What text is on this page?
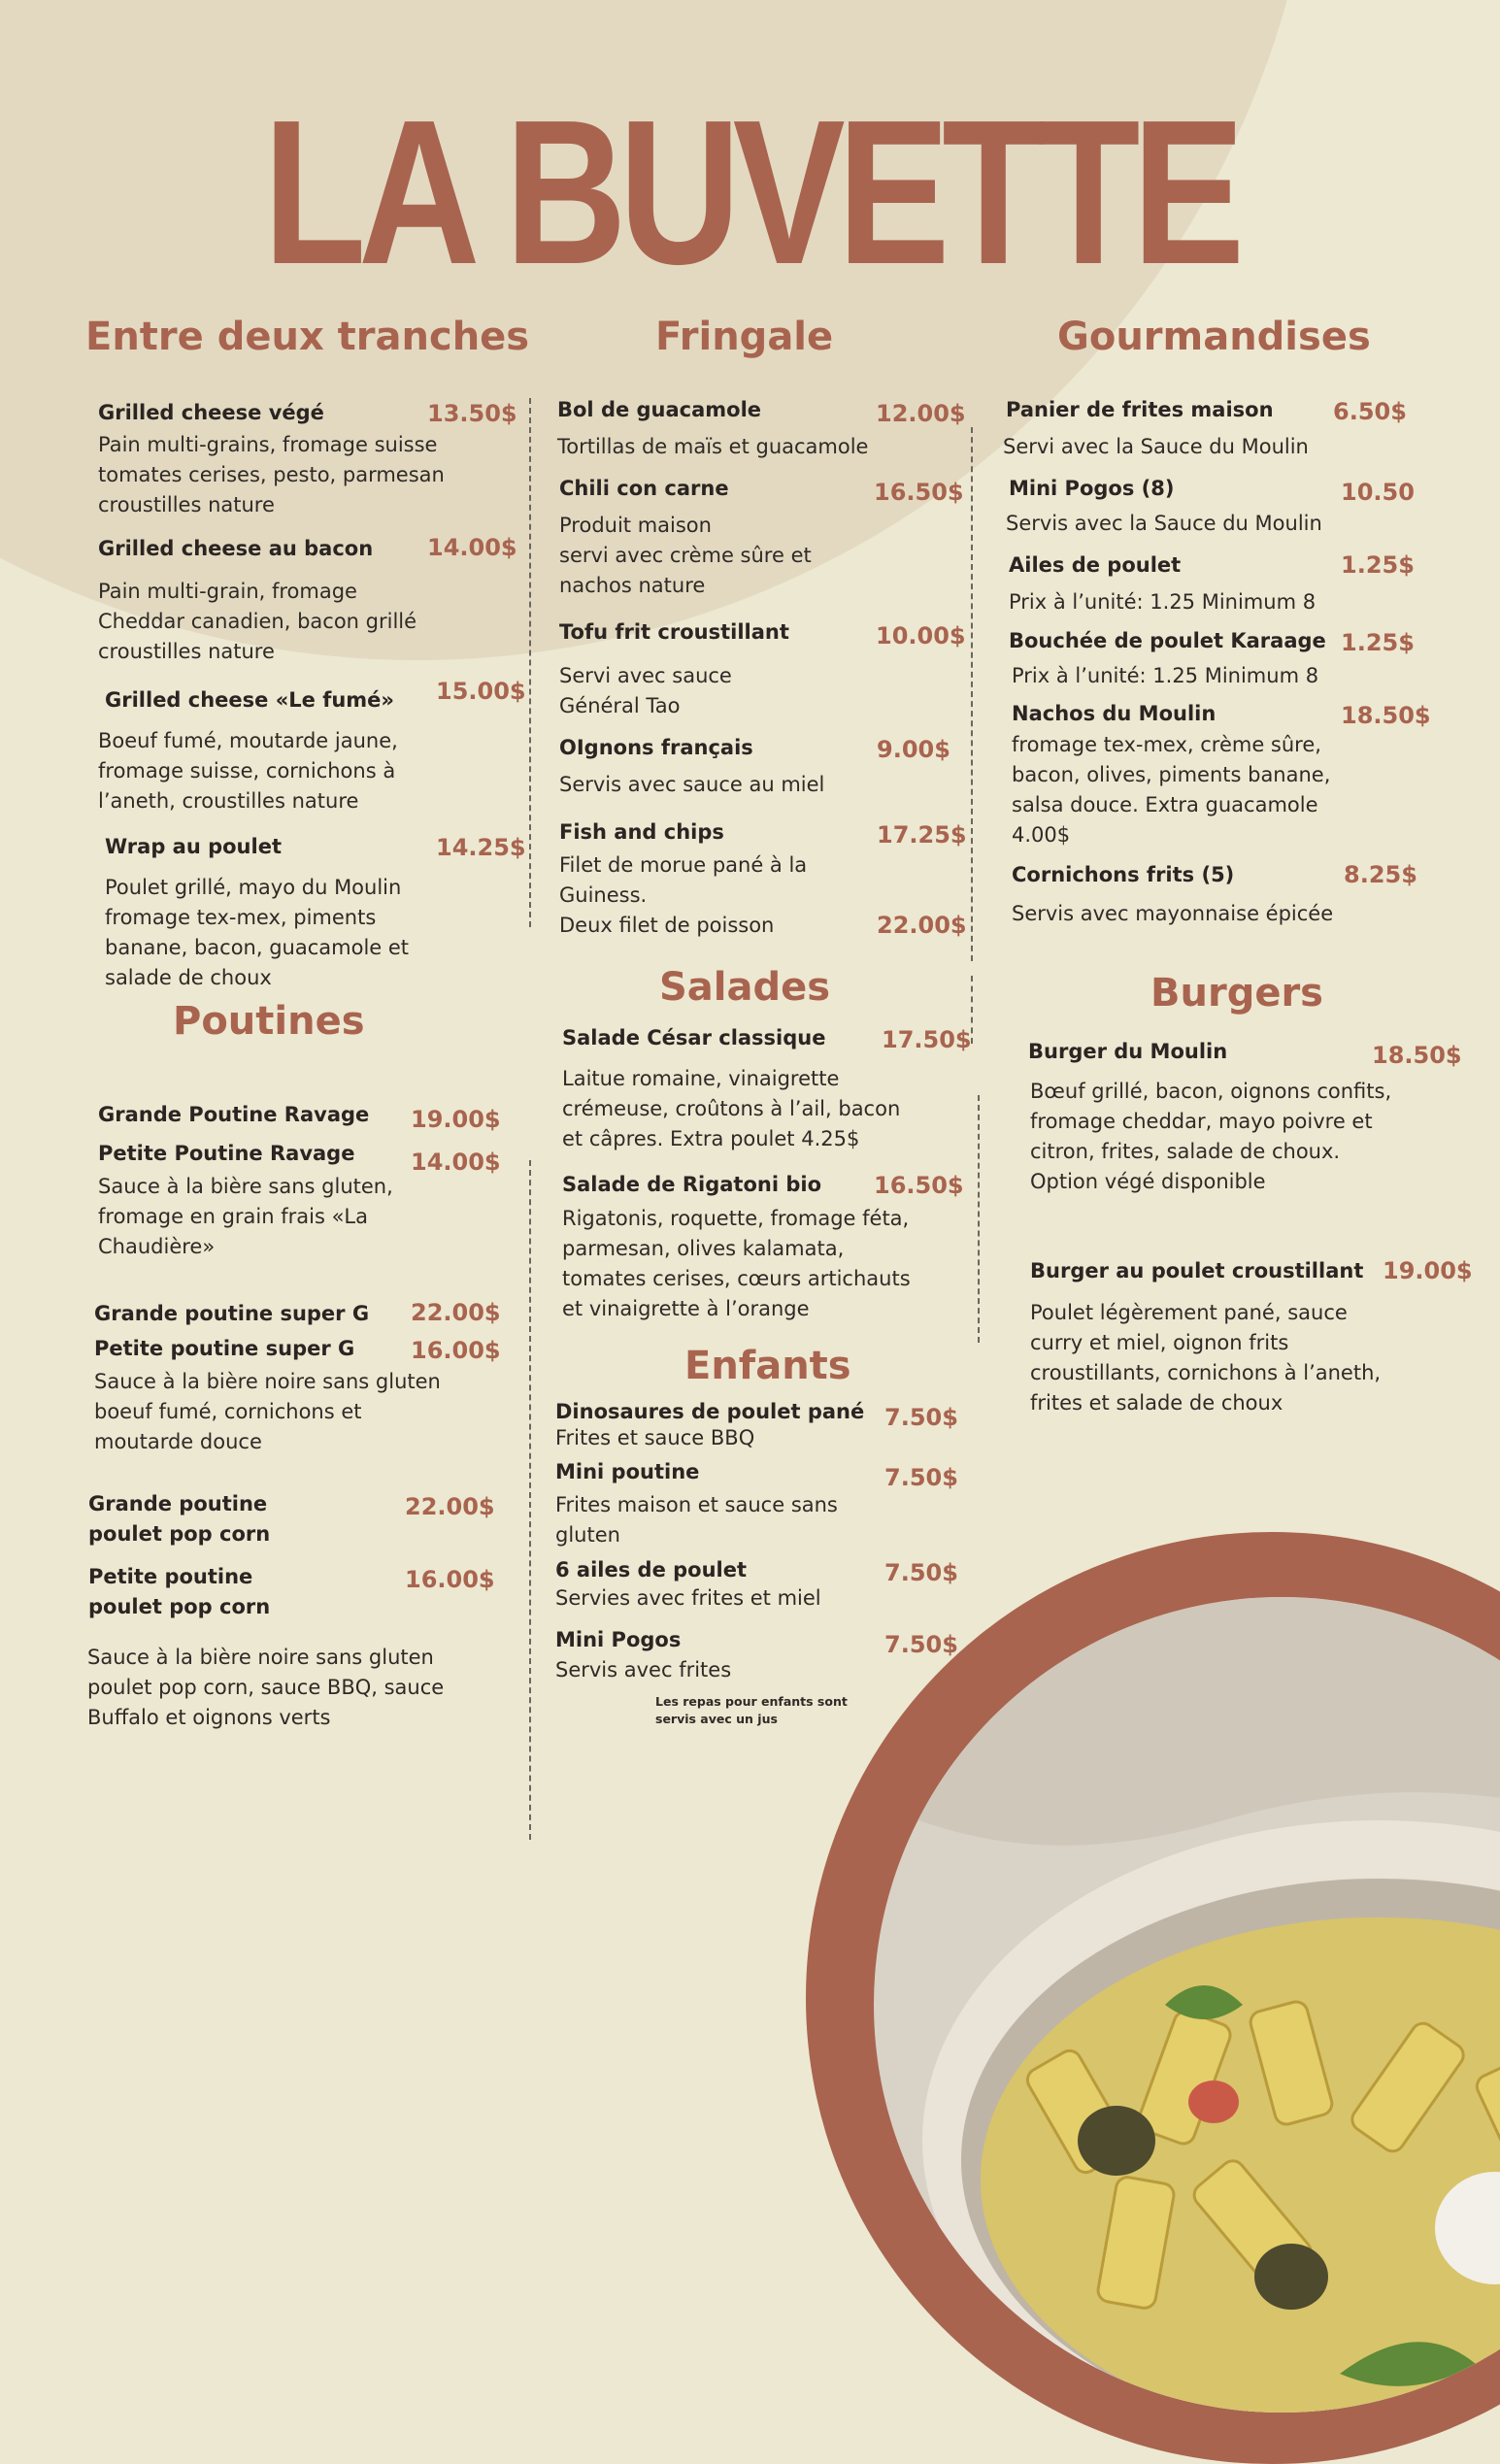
LA BUVETTE
Entre deux tranches

Grilled cheese végé	13.50$

Pain multi-grains, fromage suisse
tomates cerises, pesto, parmesan
croustilles nature

Grilled cheese au bacon 14.00$

Pain multi-grain, fromage
Cheddar canadien, bacon grillé
croustilles nature

Grilled cheese «Le fumé» 15.00$

Boeuf fumé, moutarde jaune,
fromage suisse, cornichons à
l’aneth, croustilles nature

Wrap au poulet	14.25$

Poulet grillé, mayo du Moulin
fromage tex-mex, piments
banane, bacon, guacamole et
salade de choux

Poutines

Grande Poutine Ravage 19.00$

Petite Poutine Ravage 14.00$

Sauce à la bière sans gluten,
fromage en grain frais «La
Chaudière»

Grande poutine super G 22.00$

Petite poutine super G 16.00$

Sauce à la bière noire sans gluten
boeuf fumé, cornichons et
moutarde douce

Grande poutine
poulet pop corn

22.00$

Petite poutine
poulet pop corn

16.00$

Sauce à la bière noire sans gluten
poulet pop corn, sauce BBQ, sauce
Buffalo et oignons verts

Fringale

Bol de guacamole	12.00$

Tortillas de maïs et guacamole

Chili con carne	16.50$

Produit maison
servi avec crème sûre et
nachos nature

Tofu frit croustillant	10.00$

Servi avec sauce
Général Tao

OIgnons français	9.00$

Servis avec sauce au miel

Fish and chips	17.25$

Filet de morue pané à la
Guiness.
Deux filet de poisson	22.00$

Salades

Salade César classique 17.50$

Laitue romaine, vinaigrette
crémeuse, croûtons à l’ail, bacon
et câpres. Extra poulet 4.25$

Salade de Rigatoni bio 16.50$

Rigatonis, roquette, fromage féta,
parmesan, olives kalamata,
tomates cerises, cœurs artichauts
et vinaigrette à l’orange

Enfants

Dinosaures de poulet pané 7.50$

Frites et sauce BBQ

Mini poutine	7.50$

Frites maison et sauce sans
gluten

6 ailes de poulet	7.50$

Servies avec frites et miel

Mini Pogos	7.50$

Servis avec frites

Les repas pour enfants sont
servis avec un jus

Gourmandises

Panier de frites maison	6.50$

Servi avec la Sauce du Moulin

Mini Pogos (8)	10.50

Servis avec la Sauce du Moulin

Ailes de poulet	1.25$

Prix à l’unité: 1.25 Minimum 8

Bouchée de poulet Karaage 1.25$

Prix à l’unité: 1.25 Minimum 8

Nachos du Moulin	18.50$

fromage tex-mex, crème sûre,
bacon, olives, piments banane,
salsa douce. Extra guacamole
4.00$

Cornichons frits (5)	8.25$

Servis avec mayonnaise épicée

Burgers

Burger du Moulin	18.50$

Bœuf grillé, bacon, oignons confits,
fromage cheddar, mayo poivre et
citron, frites, salade de choux.
Option végé disponible

Burger au poulet croustillant 19.00$

Poulet légèrement pané, sauce
curry et miel, oignon frits
croustillants, cornichons à l’aneth,
frites et salade de choux
